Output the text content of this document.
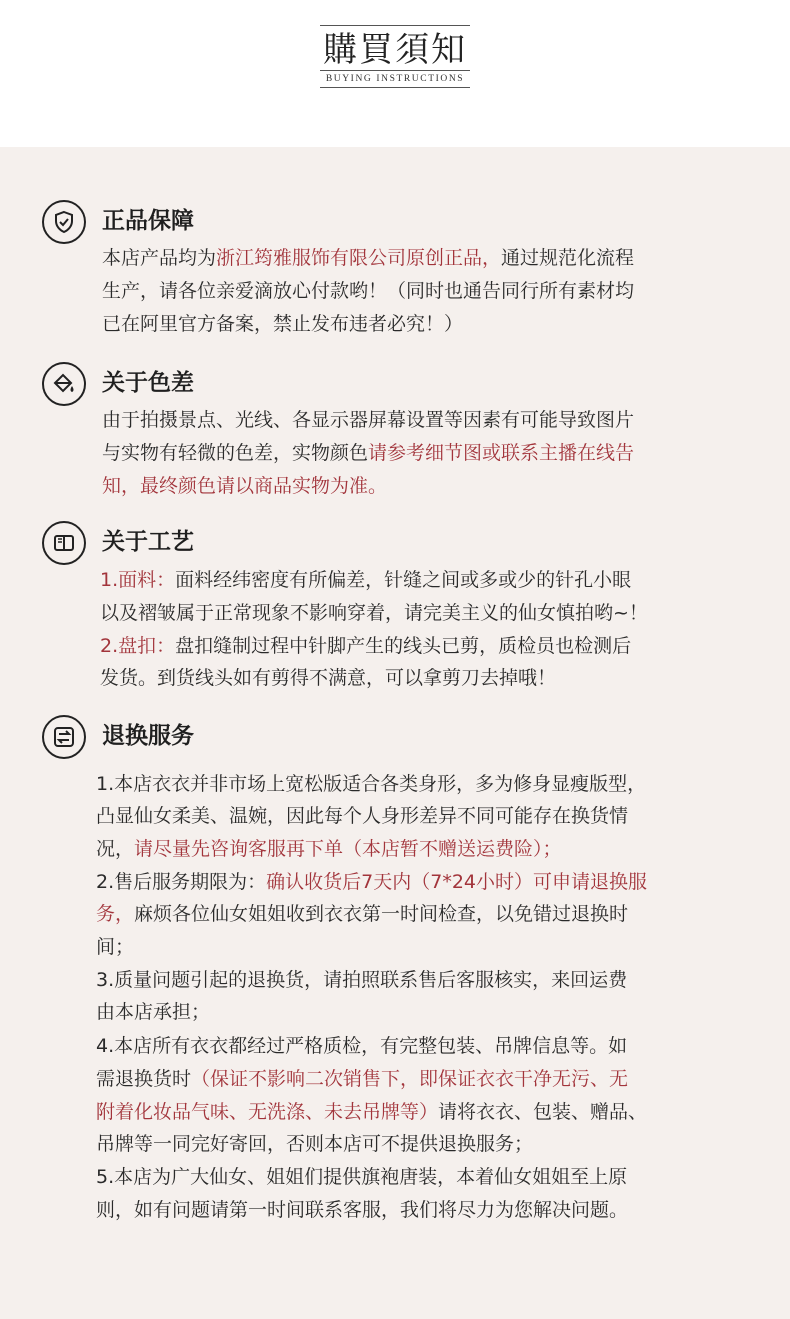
購買須知
BUYING INSTRUCTIONS
正品保障
本店产品均为浙江筠雅服饰有限公司原创正品，通过规范化流程
生产，请各位亲爱滴放心付款哟！（同时也通告同行所有素材均
已在阿里官方备案，禁止发布违者必究！）
关于色差
由于拍摄景点、光线、各显示器屏幕设置等因素有可能导致图片
与实物有轻微的色差，实物颜色请参考细节图或联系主播在线告
知，最终颜色请以商品实物为准。
关于工艺
1.面料：面料经纬密度有所偏差，针缝之间或多或少的针孔小眼
以及褶皱属于正常现象不影响穿着，请完美主义的仙女慎拍哟~！
2.盘扣：盘扣缝制过程中针脚产生的线头已剪，质检员也检测后
发货。到货线头如有剪得不满意，可以拿剪刀去掉哦！
退换服务
1.本店衣衣并非市场上宽松版适合各类身形，多为修身显瘦版型，
凸显仙女柔美、温婉，因此每个人身形差异不同可能存在换货情
况，请尽量先咨询客服再下单（本店暂不赠送运费险）；
2.售后服务期限为：确认收货后7天内（7*24小时）可申请退换服
务，麻烦各位仙女姐姐收到衣衣第一时间检查，以免错过退换时
间；
3.质量问题引起的退换货，请拍照联系售后客服核实，来回运费
由本店承担；
4.本店所有衣衣都经过严格质检，有完整包装、吊牌信息等。如
需退换货时（保证不影响二次销售下，即保证衣衣干净无污、无
附着化妆品气味、无洗涤、未去吊牌等）请将衣衣、包装、赠品、
吊牌等一同完好寄回，否则本店可不提供退换服务；
5.本店为广大仙女、姐姐们提供旗袍唐装，本着仙女姐姐至上原
则，如有问题请第一时间联系客服，我们将尽力为您解决问题。
